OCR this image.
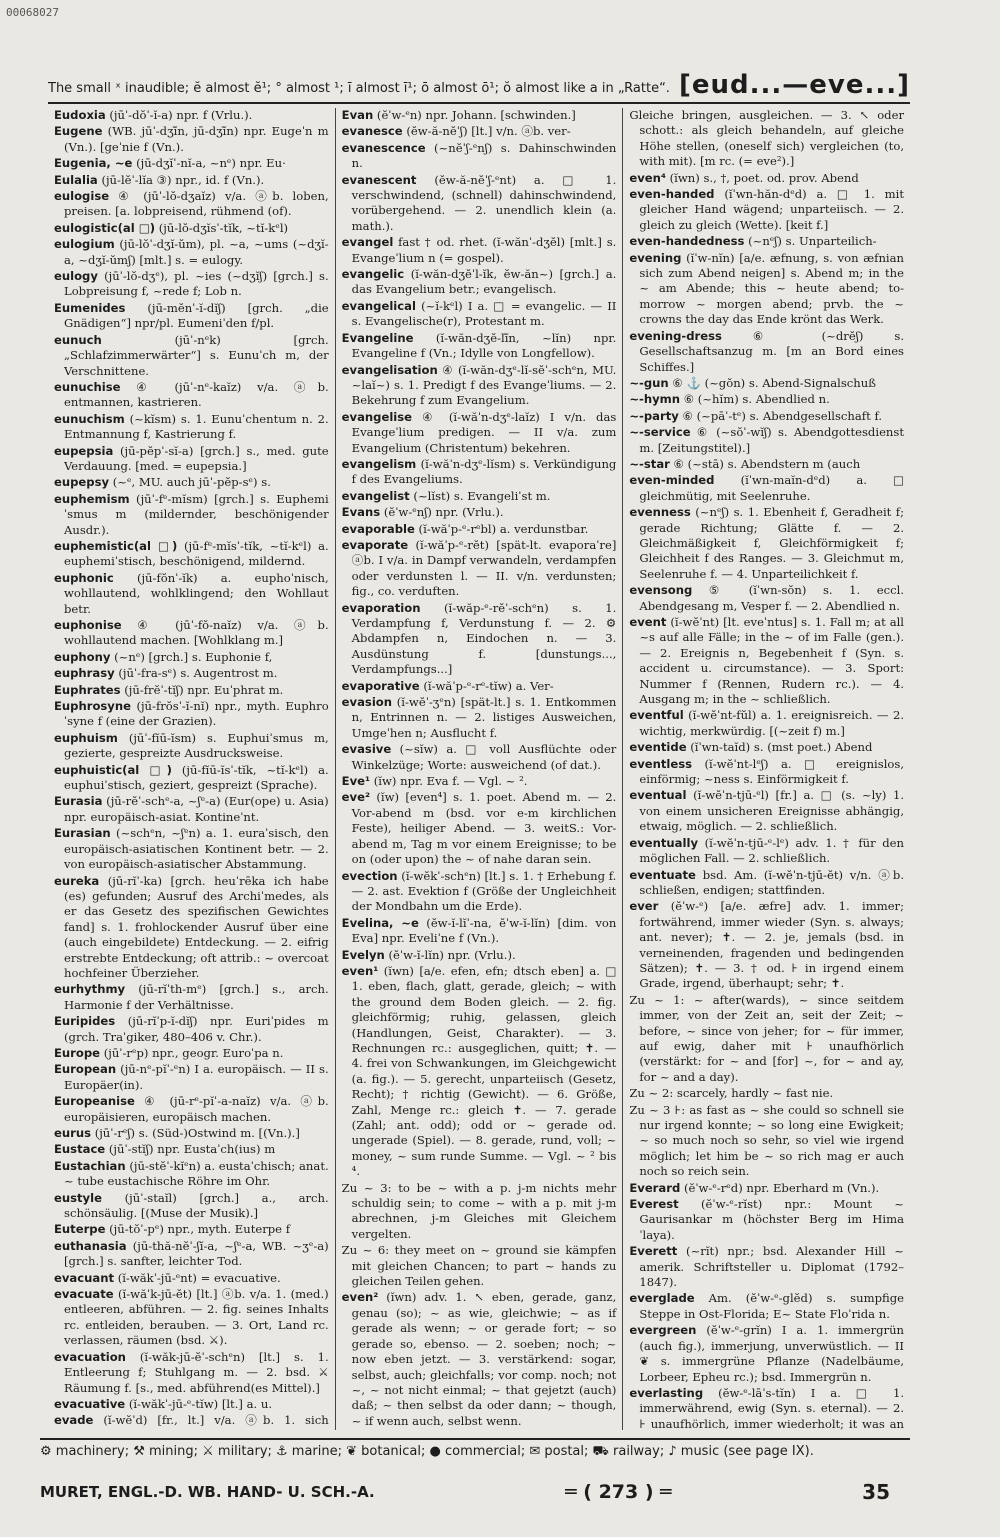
00068027
The small ˣ inaudible; ĕ almost ĕ¹; ° almost ¹; ī almost ī¹; ō almost ō¹; ŏ almost like a in „Ratte“. [eud...—eve...]

Eudoxia (jūˈ-dŏˈ-ĭ-a) npr. f (Vrlu.).

Eugene (WB. jūˈ-dʒĭ̄n, jū-dʒĭ̄n) npr. Eugeˈn m (Vn.). [geˈnie f (Vn.).

Eugenia, ~e (jū-dʒĭˈ-nĭ-a, ~nᵉ) npr. Eu·

Eulalia (jū-lĕˈ-lĭa ③) npr., id. f (Vn.).

eulogise ④ (jūˈ-lŏ-dʒaĭz) v/a. ⓐb. loben, preisen. [a. lobpreisend, rühmend (of).

eulogistic(al □) (jū-lŏ-dʒĭsˈ-tĭk, ~tĭ-kᵉl)

eulogium (jū-lŏˈ-dʒĭ-ŭm), pl. ~a, ~ums (~dʒĭ-a, ~dʒĭ-ŭmʃ) [mlt.] s. = eulogy.

eulogy (jūˈ-lŏ-dʒᵉ), pl. ~ies (~dʒĭʃ) [grch.] s. Lobpreisung f, ~rede f; Lob n.

Eumenides (jū-mĕnˈ-ĭ-dĭʃ) [grch. „die Gnädigen“] npr/pl. Eumeniˈden f/pl.

eunuch	(jūˈ-nᵉk) [grch. „Schlafzimmerwärter“] s. Eunuˈch m, der Verschnittene.

eunuchise ④ (jūˈ-nᵉ-kaĭz) v/a. ⓐb. entmannen, kastrieren.

eunuchism (~kĭsm) s. 1. Eunuˈchentum n. 2. Entmannung f, Kastrierung f.

eupepsia (jū-pĕpˈ-sĭ-a) [grch.] s., med. gute Verdauung. [med. = eupepsia.]

eupepsy (~ᵉ, MU. auch jūˈ-pĕp-sᵉ) s.

euphemism (jūˈ-fᵉ-mĭsm) [grch.] s. Euphemiˈsmus m (mildernder, beschönigender Ausdr.).

euphemistic(al □) (jū-fᵉ-mĭsˈ-tĭk, ~tĭ-kᵉl) a. euphemiˈstisch, beschönigend, mildernd.

euphonic (jū-fŏnˈ-ĭk) a. euphoˈnisch, wohllautend, wohlklingend; den Wohllaut betr.

euphonise ④ (jūˈ-fŏ-naĭz) v/a. ⓐb. wohllautend machen. [Wohlklang m.]

euphony (~nᵉ) [grch.] s. Euphonie f,

euphrasy (jūˈ-fra-sᵉ) s. Augentrost m.

Euphrates (jū-frĕˈ-tĭʃ) npr. Euˈphrat m.

Euphrosyne (jū-frŏsˈ-ĭ-nĭ) npr., myth. Euphroˈsyne f (eine der Grazien).

euphuism (jūˈ-fĭū-ĭsm) s. Euphuiˈsmus m, gezierte, gespreizte Ausdrucksweise.

euphuistic(al □) (jū-fĭū-ĭsˈ-tĭk, ~tĭ-kᵉl) a. euphuiˈstisch, geziert, gespreizt (Sprache).

Eurasia (jū-rĕˈ-schᵉ-a, ~ʃᵉ-a) (Eur(ope) u. Asia) npr. europäisch-asiat. Kontineˈnt.

Eurasian (~schᵉn, ~ʃᵉn) a. 1. euraˈsisch, den europäisch-asiatischen Kontinent betr. — 2. von europäisch-asiatischer Abstammung.

eureka (jū-rĭˈ-ka) [grch. heuˈrēka ich habe (es) gefunden; Ausruf des Archiˈmedes, als er das Gesetz des spezifischen Gewichtes fand] s. 1. frohlockender Ausruf über eine (auch eingebildete) Entdeckung. — 2. eifrig erstrebte Entdeckung; oft attrib.: ~ overcoat hochfeiner Überzieher.

eurhythmy (jū-rĭˈth-mᵉ) [grch.] s., arch. Harmonie f der Verhältnisse.

Euripides (jū-rĭˈp-ĭ-dĭʃ) npr. Euriˈpides m (grch. Traˈgiker, 480–406 v. Chr.).

Europe (jūˈ-rᵉp) npr., geogr. Euroˈpa n.

European (jū-nᵉ-pĭˈ-ᵉn) I a. europäisch. — II s. Europäer(in).

Europeanise ④ (jū-rᵉ-pĭˈ-a-naĭz) v/a. ⓐb. europäisieren, europäisch machen.

eurus (jūˈ-rᵉʃ) s. (Süd-)Ostwind m. [(Vn.).]

Eustace (jūˈ-stĭʃ) npr. Eustaˈch(ius) m

Eustachian (jū-stĕˈ-kĭᵉn) a. eustaˈchisch; anat. ~ tube eustachische Röhre im Ohr.

eustyle (jūˈ-staĭl) [grch.] a., arch. schönsäulig. [(Muse der Musik).]

Euterpe (jū-tŏˈ-pᵉ) npr., myth. Euterpe f

euthanasia (jū-thă-nĕˈ-ʃĭ-a, ~ʃᵉ-a, WB. ~ʒᵉ-a) [grch.] s. sanfter, leichter Tod.

evacuant (ĭ-wăkˈ-jū-ᵉnt) = evacuative.

evacuate (ĭ-wăˈk-jū-ĕt) [lt.] ⓐb. v/a. 1. (med.) entleeren, abführen. — 2. fig. seines Inhalts rc. entleiden, berauben. — 3. Ort, Land rc. verlassen, räumen (bsd. ⚔).

evacuation (ĭ-wăk-jū-ĕˈ-schᵉn) [lt.] s. 1. Entleerung f; Stuhlgang m. — 2. bsd. ⚔ Räumung f. [s., med. abführend(es Mittel).]

evacuative (ĭ-wăkˈ-jū-ᵉ-tĭw) [lt.] a. u.

evade (ĭ-wĕˈd) [fr., lt.] v/a. ⓐb. 1. sich

Evan (ĕˈw-ᵉn) npr. Johann. [schwinden.]

evanesce (ĕw-ă-nĕˈʃ) [lt.] v/n. ⓐb. ver-

evanescence (~nĕˈʃ-ᵉnʃ) s. Dahinschwinden n.

evanescent (ĕw-ă-nĕˈʃ-ᵉnt) a. □ 1. verschwindend, (schnell) dahinschwindend, vorübergehend. — 2. unendlich klein (a. math.).

evangel fast † od. rhet. (ĭ-wănˈ-dʒĕl) [mlt.] s. Evangeˈlium n (= gospel).

evangelic (ĭ-wăn-dʒĕˈl-ĭk, ĕw-ăn~) [grch.] a. das Evangelium betr.; evangelisch.

evangelical (~ĭ-kᵉl) I a. □ = evangelic. — II s. Evangelische(r), Protestant m.

Evangeline (ĭ-wăn-dʒĕ-lĭ̄n, ~lĭn) npr. Evangeline f (Vn.; Idylle von Longfellow).

evangelisation ④ (ĭ-wăn-dʒᵉ-lĭ-sĕˈ-schᵉn, MU. ~laĭ~) s. 1. Predigt f des Evangeˈliums. — 2. Bekehrung f zum Evangelium.

evangelise ④ (ĭ-wăˈn-dʒᵉ-laĭz) I v/n. das Evangeˈlium predigen. — II v/a. zum Evangelium (Christentum) bekehren.

evangelism (ĭ-wăˈn-dʒᵉ-lĭsm) s. Verkündigung f des Evangeliums.

evangelist (~lĭst) s. Evangeliˈst m.

Evans (ĕˈw-ᵉnʃ) npr. (Vrlu.).

evaporable (ĭ-wăˈp-ᵉ-rᵉbl) a. verdunstbar.

evaporate (ĭ-wăˈp-ᵉ-rĕt) [spät-lt. evaporaˈre] ⓐb. I v/a. in Dampf verwandeln, verdampfen oder verdunsten l. — II. v/n. verdunsten; fig., co. verduften.

evaporation (ĭ-wăp-ᵉ-rĕˈ-schᵉn) s. 1. Verdampfung f, Verdunstung f. — 2. ⚙ Abdampfen n, Eindochen n. — 3. Ausdünstung f. [dunstungs..., Verdampfungs...]

evaporative (ĭ-wăˈp-ᵉ-rᵉ-tĭw) a. Ver-

evasion (ĭ-wĕˈ-ʒᵉn) [spät-lt.] s. 1. Entkommen n, Entrinnen n. — 2. listiges Ausweichen, Umgeˈhen n; Ausflucht f.

evasive (~sĭw) a. □ voll Ausflüchte oder Winkelzüge; Worte: ausweichend (of dat.).

Eve¹ (ĭw) npr. Eva f. — Vgl. ~ ².

eve² (ĭw) [even⁴] s. 1. poet. Abend m. — 2. Vor-abend m (bsd. vor e-m kirchlichen Feste), heiliger Abend. — 3. weitS.: Vor-abend m, Tag m vor einem Ereignisse; to be on (oder upon) the ~ of nahe daran sein.

evection (ĭ-wĕkˈ-schᵉn) [lt.] s. 1. † Erhebung f. — 2. ast. Evektion f (Größe der Ungleichheit der Mondbahn um die Erde).

Evelina, ~e (ĕw-ĭ-lĭˈ-na, ĕˈw-ĭ-lĭn) [dim. von Eva] npr. Eveliˈne f (Vn.).

Evelyn (ĕˈw-ĭ-lĭn) npr. (Vrlu.).

even¹ (ĭwn) [a/e. efen, efn; dtsch eben] a. □ 1. eben, flach, glatt, gerade, gleich; ~ with the ground dem Boden gleich. — 2. fig. gleichförmig; ruhig, gelassen, gleich (Handlungen, Geist, Charakter). — 3. Rechnungen rc.: ausgeglichen, quitt; ✝. — 4. frei von Schwankungen, im Gleichgewicht (a. fig.). — 5. gerecht, unparteiisch (Gesetz, Recht); † richtig (Gewicht). — 6. Größe, Zahl, Menge rc.: gleich ✝. — 7. gerade (Zahl; ant. odd); odd or ~ gerade od. ungerade (Spiel). — 8. gerade, rund, voll; ~ money, ~ sum runde Summe. — Vgl. ~ ² bis ⁴.

Zu ~ 3: to be ~ with a p. j-m nichts mehr schuldig sein; to come ~ with a p. mit j-m abrechnen, j-m Gleiches mit Gleichem vergelten.

Zu ~ 6: they meet on ~ ground sie kämpfen mit gleichen Chancen; to part ~ hands zu gleichen Teilen gehen.

even² (ĭwn) adv. 1. ↖ eben, gerade, ganz, genau (so); ~ as wie, gleichwie; ~ as if gerade als wenn; ~ or gerade fort; ~ so gerade so, ebenso. — 2. soeben; noch; ~ now eben jetzt. — 3. verstärkend: sogar, selbst, auch; gleichfalls; vor comp. noch; not ~, ~ not nicht einmal; ~ that gejetzt (auch) daß; ~ then selbst da oder dann; ~ though, ~ if wenn auch, selbst wenn.

Gleiche bringen, ausgleichen. — 3. ↖ oder schott.: als gleich behandeln, auf gleiche Höhe stellen, (oneself sich) vergleichen (to, with mit). [m rc. (= eve²).]

even⁴ (ĭwn) s., †, poet. od. prov. Abend

even-handed (ĭˈwn-hăn-dᵉd) a. □ 1. mit gleicher Hand wägend; unparteiisch. — 2. gleich zu gleich (Wette). [keit f.]

even-handedness (~nᵉʃ) s. Unparteilich-

evening (ĭˈw-nĭn) [a/e. æfnung, s. von æfnian sich zum Abend neigen] s. Abend m; in the ~ am Abende; this ~ heute abend; to-morrow ~ morgen abend; prvb. the ~ crowns the day das Ende krönt das Werk.

evening-dress	⑥ (~drĕʃ) s. Gesellschaftsanzug m. [m an Bord eines Schiffes.]

~-gun ⑥ ⚓ (~gŏn) s. Abend-Signalschuß

~-hymn ⑥ (~hĭm) s. Abendlied n.

~-party ⑥ (~pāˈ-tᵉ) s. Abendgesellschaft f.

~-service ⑥ (~sŏˈ-wĭʃ) s. Abendgottesdienst m. [Zeitungstitel).]

~-star ⑥ (~stā) s. Abendstern m (auch

even-minded (ĭˈwn-maĭn-dᵉd) a. □ gleichmütig, mit Seelenruhe.

evenness (~nᵉʃ) s. 1. Ebenheit f, Geradheit f; gerade Richtung; Glätte f. — 2. Gleichmäßigkeit f, Gleichförmigkeit f; Gleichheit f des Ranges. — 3. Gleichmut m, Seelenruhe f. — 4. Unparteilichkeit f.

evensong ⑤ (ĭˈwn-sŏn) s. 1. eccl. Abendgesang m, Vesper f. — 2. Abendlied n.

event (ĭ-wĕˈnt) [lt. eveˈntus] s. 1. Fall m; at all ~s auf alle Fälle; in the ~ of im Falle (gen.). — 2. Ereignis n, Begebenheit f (Syn. s. accident u. circumstance). — 3. Sport: Nummer f (Rennen, Rudern rc.). — 4. Ausgang m; in the ~ schließlich.

eventful (ĭ-wĕˈnt-fŭl) a. 1. ereignisreich. — 2. wichtig, merkwürdig. [(~zeit f) m.]

eventide (ĭˈwn-taĭd) s. (mst poet.) Abend

eventless (ĭ-wĕˈnt-lᵉʃ) a. □ ereignislos, einförmig; ~ness s. Einförmigkeit f.

eventual (ĭ-wĕˈn-tjū-ᵉl) [fr.] a. □ (s. ~ly) 1. von einem unsicheren Ereignisse abhängig, etwaig, möglich. — 2. schließlich.

eventually (ĭ-wĕˈn-tjū-ᵉ-lᵉ) adv. 1. † für den möglichen Fall. — 2. schließlich.

eventuate bsd. Am. (ĭ-wĕˈn-tjū-ĕt) v/n. ⓐb. schließen, endigen; stattfinden.

ever (ĕˈw-ᵉ) [a/e. æfre] adv. 1. immer; fortwährend, immer wieder (Syn. s. always; ant. never); ✝. — 2. je, jemals (bsd. in verneinenden, fragenden und bedingenden Sätzen); ✝. — 3. † od. ⊦ in irgend einem Grade, irgend, überhaupt; sehr; ✝.

Zu ~ 1: ~ after(wards), ~ since seitdem immer, von der Zeit an, seit der Zeit; ~ before, ~ since von jeher; for ~ für immer, auf ewig, daher mit ⊦ unaufhörlich (verstärkt: for ~ and [for] ~, for ~ and ay, for ~ and a day).

Zu ~ 2: scarcely, hardly ~ fast nie.

Zu ~ 3 ⊦: as fast as ~ she could so schnell sie nur irgend konnte; ~ so long eine Ewigkeit; ~ so much noch so sehr, so viel wie irgend möglich; let him be ~ so rich mag er auch noch so reich sein.

Everard (ĕˈw-ᵉ-rᵉd) npr. Eberhard m (Vn.).

Everest (ĕˈw-ᵉ-rĭst) npr.: Mount ~ Gaurisankar m (höchster Berg im Himaˈlaya).

Everett (~rĭt) npr.; bsd. Alexander Hill ~ amerik. Schriftsteller u. Diplomat (1792–1847).

everglade Am. (ĕˈw-ᵉ-glĕd) s. sumpfige Steppe in Ost-Florida; E~ State Floˈrida n.

evergreen (ĕˈw-ᵉ-grĭn) I a. 1. immergrün (auch fig.), immerjung, unverwüstlich. — II ❦ s. immergrüne Pflanze (Nadelbäume, Lorbeer, Epheu rc.); bsd. Immergrün n.

everlasting (ĕw-ᵉ-lāˈs-tĭn) I a. □ 1. immerwährend, ewig (Syn. s. eternal). — 2. ⊦ unaufhörlich, immer wiederholt; it was an

⚙ machinery; ⚒ mining; ⚔ military; ⚓ marine; ❦ botanical; ● commercial; ✉ postal; ⛟ railway; ♪ music (see page IX).
MURET, ENGL.-D. WB. HAND- U. SCH.-A.	═ ( 273 ) ═	35
